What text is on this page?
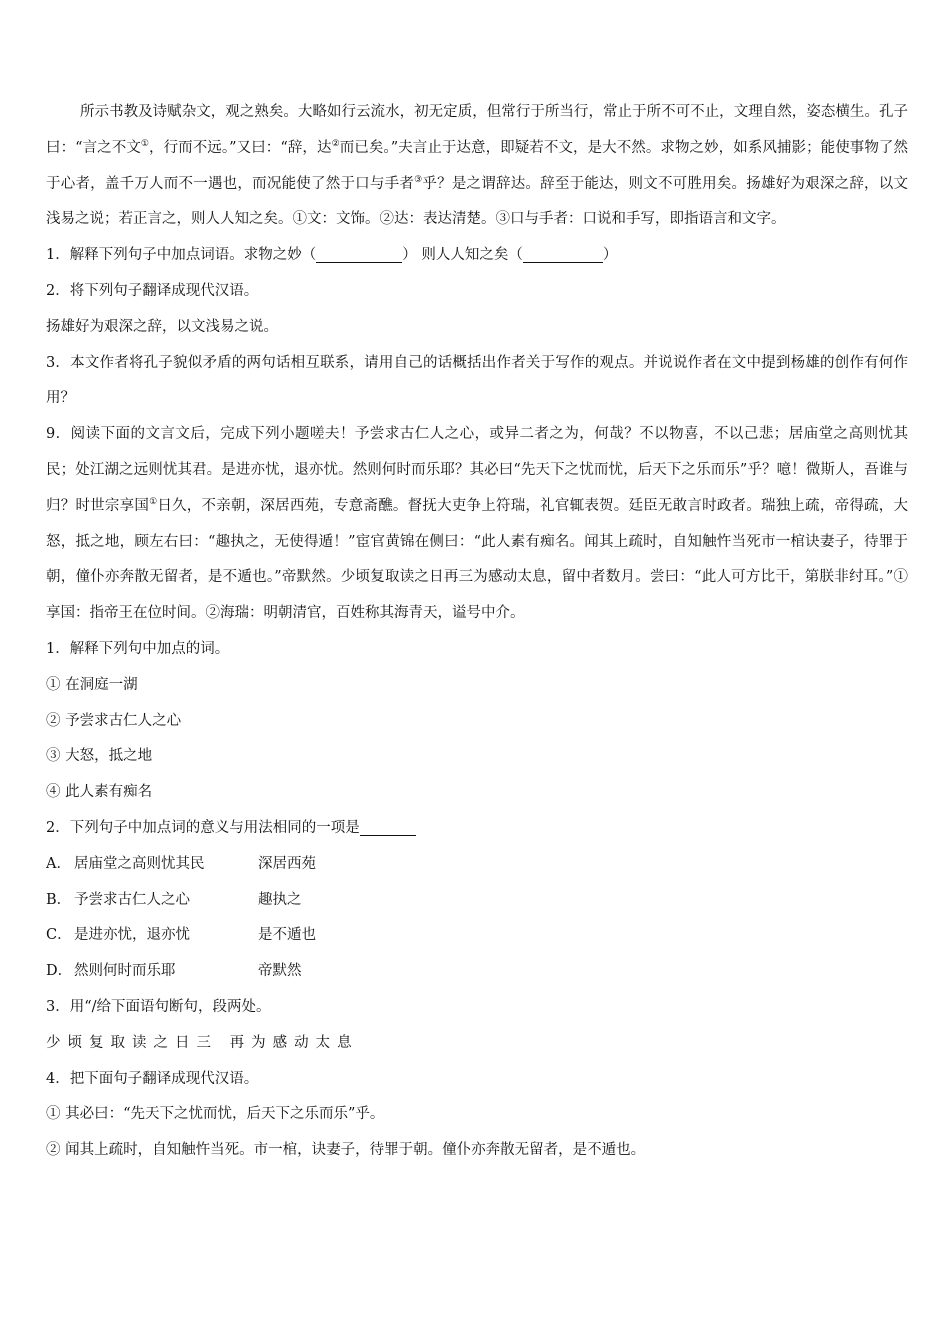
所示书教及诗赋杂文，观之熟矣。大略如行云流水，初无定质，但常行于所当行，常止于所不可不止，文理自然，姿态横生。孔子曰：“言之不文①，行而不远。”又曰：“辞，达②而已矣。”夫言止于达意，即疑若不文，是大不然。求物之妙，如系风捕影；能使事物了然于心者，盖千万人而不一遇也，而况能使了然于口与手者③乎？是之谓辞达。辞至于能达，则文不可胜用矣。扬雄好为艰深之辞，以文浅易之说；若正言之，则人人知之矣。①文：文饰。②达：表达清楚。③口与手者：口说和手写，即指语言和文字。
1．解释下列句子中加点词语。求物之妙（	） 则人人知之矣（	）
2．将下列句子翻译成现代汉语。
扬雄好为艰深之辞，以文浅易之说。
3．本文作者将孔子貌似矛盾的两句话相互联系，请用自己的话概括出作者关于写作的观点。并说说作者在文中提到杨雄的创作有何作用？
9．阅读下面的文言文后，完成下列小题嗟夫！予尝求古仁人之心，或异二者之为，何哉？不以物喜，不以己悲；居庙堂之高则忧其民；处江湖之远则忧其君。是进亦忧，退亦忧。然则何时而乐耶？其必曰“先天下之忧而忧，后天下之乐而乐”乎？噫！微斯人，吾谁与归？时世宗享国①日久，不亲朝，深居西苑，专意斋醮。督抚大吏争上符瑞，礼官辄表贺。廷臣无敢言时政者。瑞独上疏，帝得疏，大怒，抵之地，顾左右曰：“趣执之，无使得遁！”宦官黄锦在侧曰：“此人素有痴名。闻其上疏时，自知触忤当死市一棺诀妻子，待罪于朝，僮仆亦奔散无留者，是不遁也。”帝默然。少顷复取读之日再三为感动太息，留中者数月。尝曰：“此人可方比干，第朕非纣耳。”①享国：指帝王在位时间。②海瑞：明朝清官，百姓称其海青天，谥号中介。
1．解释下列句中加点的词。
① 在洞庭一湖
② 予尝求古仁人之心
③ 大怒，抵之地
④ 此人素有痴名
2．下列句子中加点词的意义与用法相同的一项是
A． 居庙堂之高则忧其民	深居西苑
B． 予尝求古仁人之心	趣执之
C． 是进亦忧，退亦忧	是不遁也
D． 然则何时而乐耶	帝默然
3．用“/给下面语句断句，段两处。
少顷复取读之日三 再为感动太息
4．把下面句子翻译成现代汉语。
① 其必曰：“先天下之忧而忧，后天下之乐而乐”乎。
② 闻其上疏时，自知触忤当死。市一棺，诀妻子，待罪于朝。僮仆亦奔散无留者，是不遁也。
